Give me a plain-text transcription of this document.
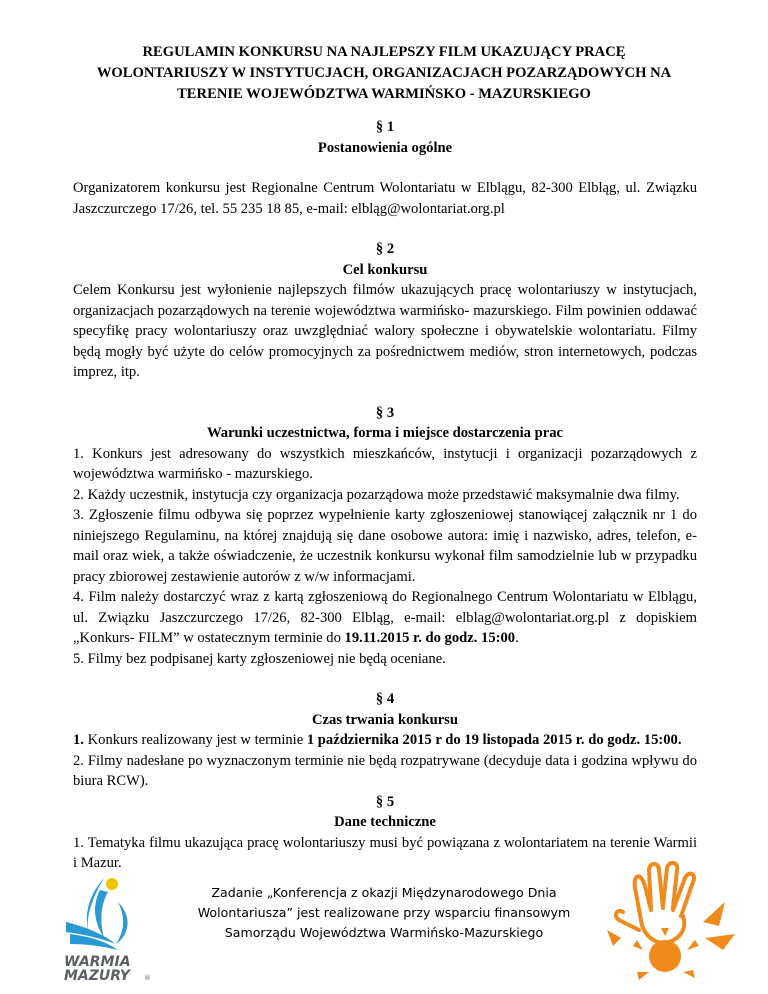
REGULAMIN KONKURSU NA NAJLEPSZY FILM UKAZUJĄCY PRACĘ
WOLONTARIUSZY W INSTYTUCJACH, ORGANIZACJACH POZARZĄDOWYCH NA
TERENIE WOJEWÓDZTWA WARMIŃSKO - MAZURSKIEGO
§ 1
Postanowienia ogólne
Organizatorem konkursu jest Regionalne Centrum Wolontariatu w Elblągu, 82-300 Elbląg, ul. Związku Jaszczurczego 17/26, tel. 55 235 18 85, e-mail: elbląg@wolontariat.org.pl
§ 2
Cel konkursu
Celem Konkursu jest wyłonienie najlepszych filmów ukazujących pracę wolontariuszy w instytucjach, organizacjach pozarządowych na terenie województwa warmińsko- mazurskiego. Film powinien oddawać specyfikę pracy wolontariuszy oraz uwzględniać walory społeczne i obywatelskie wolontariatu. Filmy będą mogły być użyte do celów promocyjnych za pośrednictwem mediów, stron internetowych, podczas imprez, itp.
§ 3
Warunki uczestnictwa, forma i miejsce dostarczenia prac
1. Konkurs jest adresowany do wszystkich mieszkańców, instytucji i organizacji pozarządowych z województwa warmińsko - mazurskiego.
2. Każdy uczestnik, instytucja czy organizacja pozarządowa może przedstawić maksymalnie dwa filmy.
3. Zgłoszenie filmu odbywa się poprzez wypełnienie karty zgłoszeniowej stanowiącej załącznik nr 1 do niniejszego Regulaminu, na której znajdują się dane osobowe autora: imię i nazwisko, adres, telefon, e-mail oraz wiek, a także oświadczenie, że uczestnik konkursu wykonał film samodzielnie lub w przypadku pracy zbiorowej zestawienie autorów z w/w informacjami.
4. Film należy dostarczyć wraz z kartą zgłoszeniową do Regionalnego Centrum Wolontariatu w Elblągu, ul. Związku Jaszczurczego 17/26, 82-300 Elbląg, e-mail: elblag@wolontariat.org.pl z dopiskiem „Konkurs- FILM” w ostatecznym terminie do 19.11.2015 r. do godz. 15:00.
5. Filmy bez podpisanej karty zgłoszeniowej nie będą oceniane.
§ 4
Czas trwania konkursu
1. Konkurs realizowany jest w terminie 1 października 2015 r do 19 listopada 2015 r. do godz. 15:00.
2. Filmy nadesłane po wyznaczonym terminie nie będą rozpatrywane (decyduje data i godzina wpływu do biura RCW).
§ 5
Dane techniczne
1. Tematyka filmu ukazująca pracę wolontariuszy musi być powiązana z wolontariatem na terenie Warmii i Mazur.
WARMIA
MAZURY ®
Zadanie „Konferencja z okazji Międzynarodowego Dnia
Wolontariusza” jest realizowane przy wsparciu finansowym
Samorządu Województwa Warmińsko-Mazurskiego
